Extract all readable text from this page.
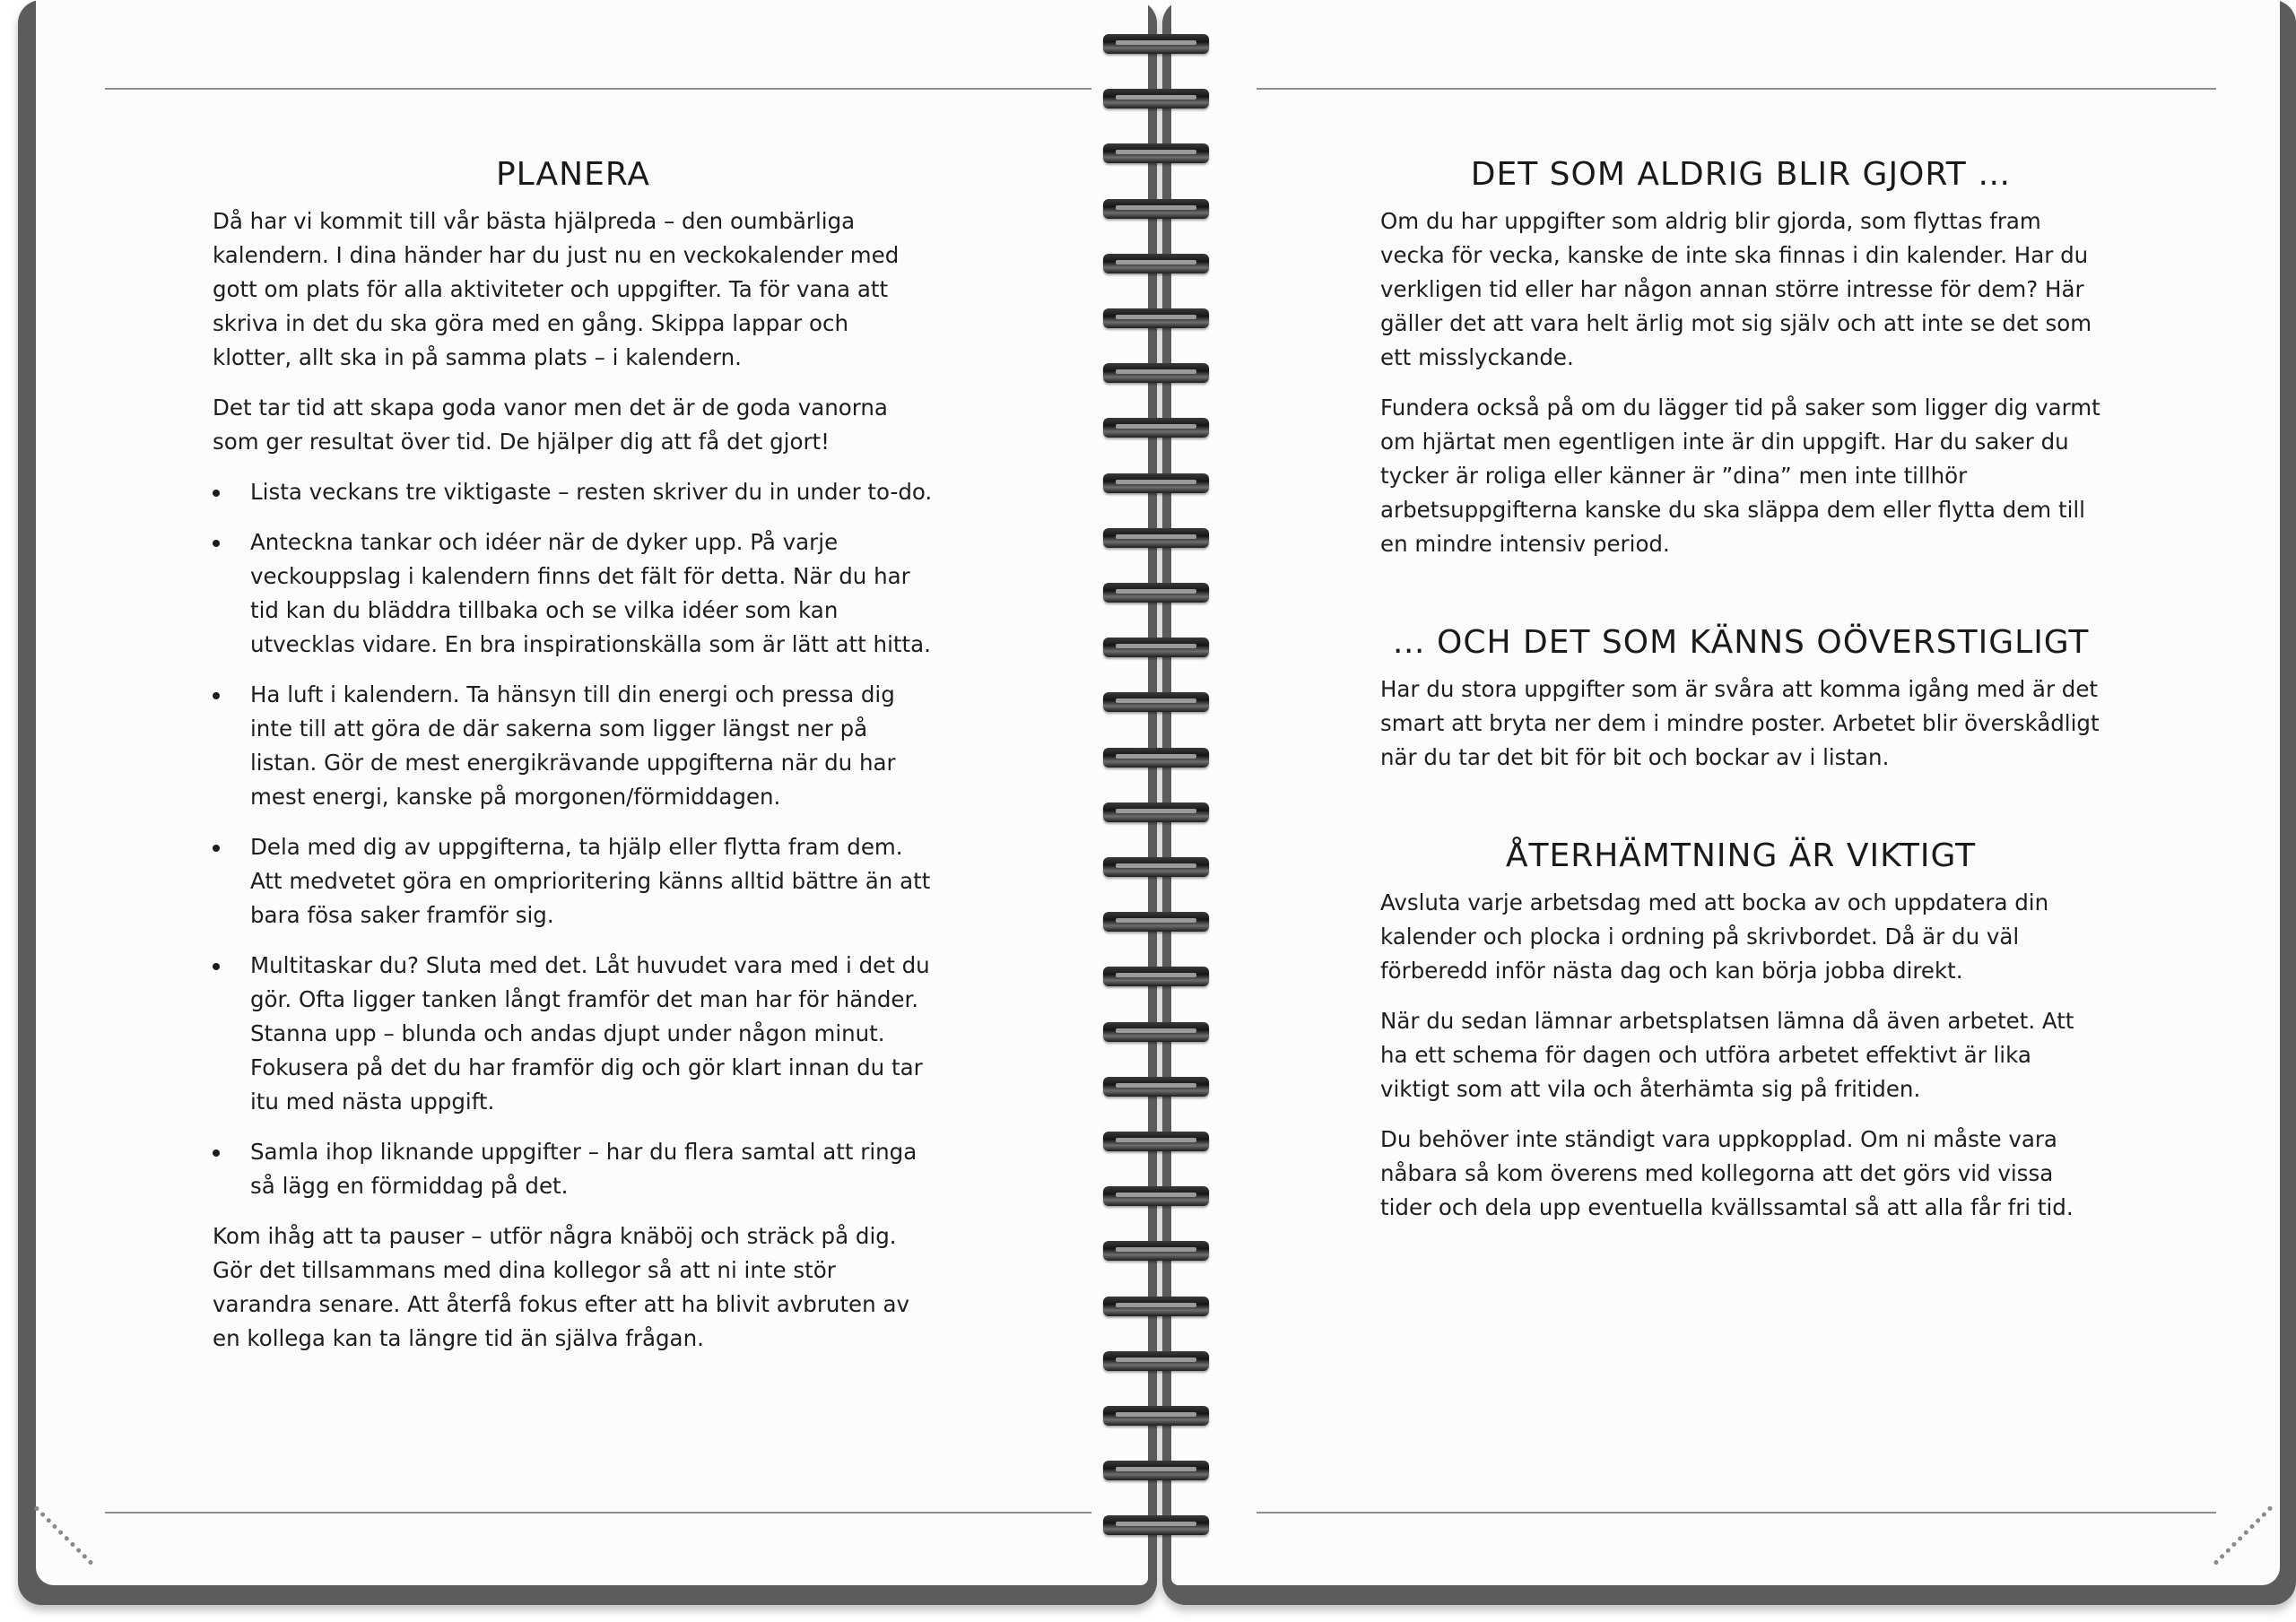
PLANERA

Då har vi kommit till vår bästa hjälpreda – den oumbärliga kalendern. I dina händer har du just nu en veckokalender med gott om plats för alla aktiviteter och uppgifter. Ta för vana att skriva in det du ska göra med en gång. Skippa lappar och klotter, allt ska in på samma plats – i kalendern.

Det tar tid att skapa goda vanor men det är de goda vanorna som ger resultat över tid. De hjälper dig att få det gjort!

Lista veckans tre viktigaste – resten skriver du in under to-do.
Anteckna tankar och idéer när de dyker upp. På varje veckouppslag i kalendern finns det fält för detta. När du har tid kan du bläddra tillbaka och se vilka idéer som kan utvecklas vidare. En bra inspirationskälla som är lätt att hitta.
Ha luft i kalendern. Ta hänsyn till din energi och pressa dig inte till att göra de där sakerna som ligger längst ner på listan. Gör de mest energikrävande uppgifterna när du har mest energi, kanske på morgonen/förmiddagen.
Dela med dig av uppgifterna, ta hjälp eller flytta fram dem. Att medvetet göra en omprioritering känns alltid bättre än att bara fösa saker framför sig.
Multitaskar du? Sluta med det. Låt huvudet vara med i det du gör. Ofta ligger tanken långt framför det man har för händer. Stanna upp – blunda och andas djupt under någon minut. Fokusera på det du har framför dig och gör klart innan du tar itu med nästa uppgift.
Samla ihop liknande uppgifter – har du flera samtal att ringa så lägg en förmiddag på det.

Kom ihåg att ta pauser – utför några knäböj och sträck på dig. Gör det tillsammans med dina kollegor så att ni inte stör varandra senare. Att återfå fokus efter att ha blivit avbruten av en kollega kan ta längre tid än själva frågan.

DET SOM ALDRIG BLIR GJORT …

Om du har uppgifter som aldrig blir gjorda, som flyttas fram vecka för vecka, kanske de inte ska finnas i din kalender. Har du verkligen tid eller har någon annan större intresse för dem? Här gäller det att vara helt ärlig mot sig själv och att inte se det som ett misslyckande.

Fundera också på om du lägger tid på saker som ligger dig varmt om hjärtat men egentligen inte är din uppgift. Har du saker du tycker är roliga eller känner är ”dina” men inte tillhör arbetsuppgifterna kanske du ska släppa dem eller flytta dem till en mindre intensiv period.

… OCH DET SOM KÄNNS OÖVERSTIGLIGT

Har du stora uppgifter som är svåra att komma igång med är det smart att bryta ner dem i mindre poster. Arbetet blir överskådligt när du tar det bit för bit och bockar av i listan.

ÅTERHÄMTNING ÄR VIKTIGT

Avsluta varje arbetsdag med att bocka av och uppdatera din kalender och plocka i ordning på skrivbordet. Då är du väl förberedd inför nästa dag och kan börja jobba direkt.

När du sedan lämnar arbetsplatsen lämna då även arbetet. Att ha ett schema för dagen och utföra arbetet effektivt är lika viktigt som att vila och återhämta sig på fritiden.

Du behöver inte ständigt vara uppkopplad. Om ni måste vara nåbara så kom överens med kollegorna att det görs vid vissa tider och dela upp eventuella kvällssamtal så att alla får fri tid.
